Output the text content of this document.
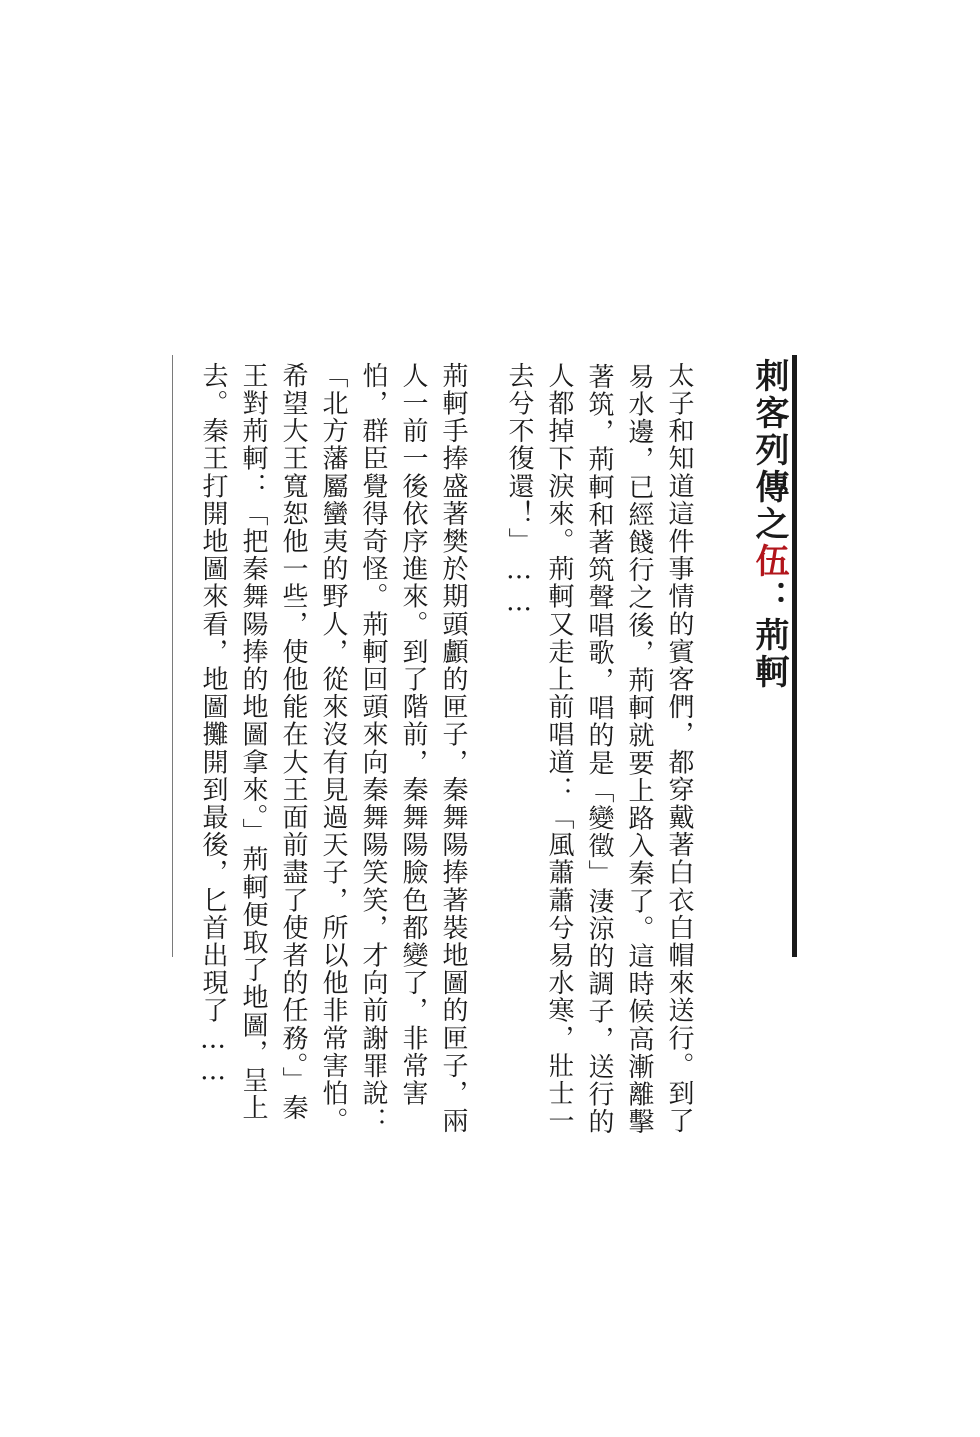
刺客列傳之伍：荊軻
太子和知道這件事情的賓客們，都穿戴著白衣白帽來送行。到了
易水邊，已經餞行之後，荊軻就要上路入秦了。這時候高漸離擊
著筑，荊軻和著筑聲唱歌，唱的是「變徵」淒涼的調子，送行的
人都掉下淚來。荊軻又走上前唱道：「風蕭蕭兮易水寒，壯士一
去兮不復還！」……
荊軻手捧盛著樊於期頭顱的匣子，秦舞陽捧著裝地圖的匣子，兩
人一前一後依序進來。到了階前，秦舞陽臉色都變了，非常害
怕，群臣覺得奇怪。荊軻回頭來向秦舞陽笑笑，才向前謝罪說：
「北方藩屬蠻夷的野人，從來沒有見過天子，所以他非常害怕。
希望大王寬恕他一些，使他能在大王面前盡了使者的任務。」秦
王對荊軻：「把秦舞陽捧的地圖拿來。」荊軻便取了地圖，呈上
去。秦王打開地圖來看，地圖攤開到最後，匕首出現了……
